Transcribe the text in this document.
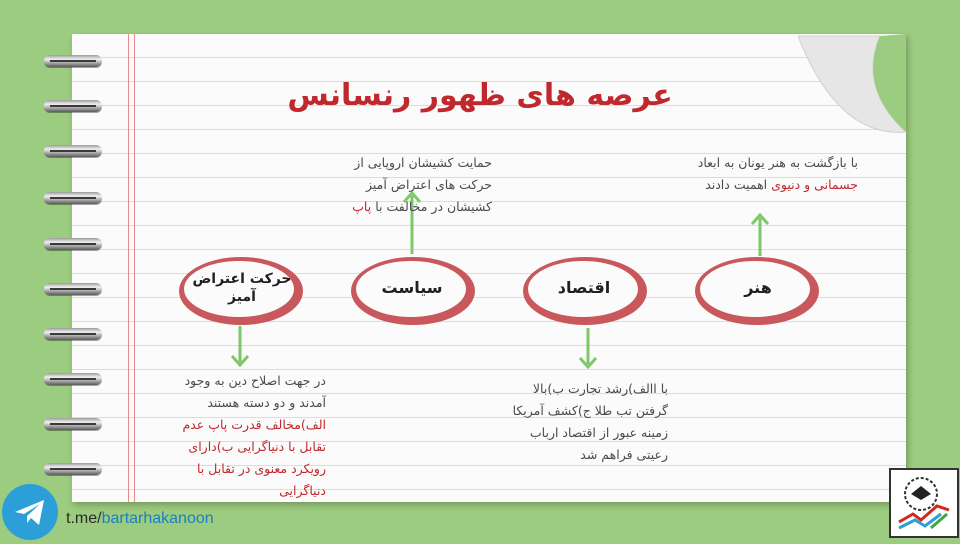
عرصه های ظهور رنسانس
هنر
اقتصاد
سیاست
حرکت اعتراض
آمیز
با بازگشت به هنر یونان به ابعاد
جسمانی و دنیوی اهمیت دادند
حمایت کشیشان اروپایی از
حرکت های اعتراض آمیز
کشیشان در مخالفت با پاپ
با االف)رشد تجارت ب)بالا
گرفتن تب طلا ج)کشف آمریکا
زمینه عبور از اقتصاد ارباب
رعیتی فراهم شد
در جهت اصلاح دین به وجود
آمدند و دو دسته هستند
الف)مخالف قدرت پاپ عدم
تقابل با دنیاگرایی ب)دارای
رویکرد معنوی در تقابل با
دنیاگرایی
t.me/bartarhakanoon
